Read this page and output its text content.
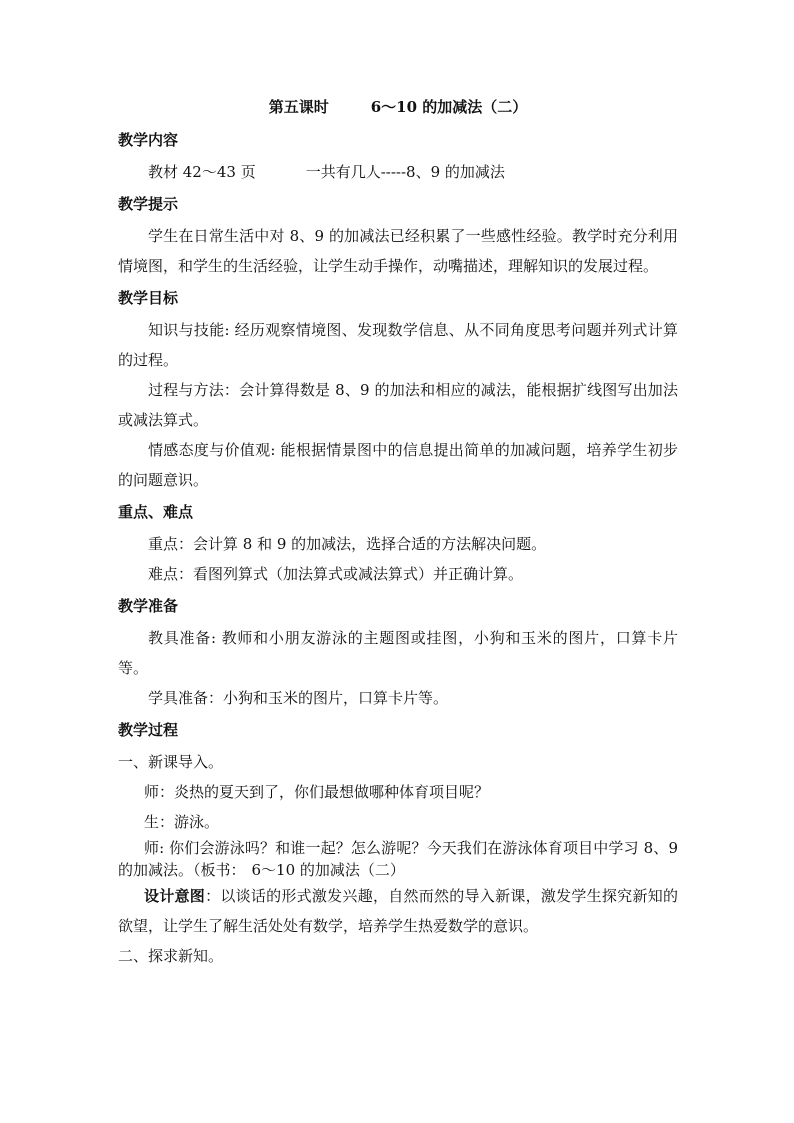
第五课时	6～10 的加减法（二）
教学内容

教材 42～43 页	一共有几人-----8、9 的加减法

教学提示

学生在日常生活中对 8、9 的加减法已经积累了一些感性经验。教学时充分利用情境图，和学生的生活经验，让学生动手操作，动嘴描述，理解知识的发展过程。

教学目标

知识与技能: 经历观察情境图、发现数学信息、从不同角度思考问题并列式计算的过程。

过程与方法：会计算得数是 8、9 的加法和相应的减法，能根据扩线图写出加法或减法算式。

情感态度与价值观: 能根据情景图中的信息提出简单的加减问题，培养学生初步的问题意识。

重点、难点

重点：会计算 8 和 9 的加减法，选择合适的方法解决问题。

难点：看图列算式（加法算式或减法算式）并正确计算。

教学准备

教具准备: 教师和小朋友游泳的主题图或挂图，小狗和玉米的图片，口算卡片等。

学具准备：小狗和玉米的图片，口算卡片等。

教学过程

一、新课导入。

师：炎热的夏天到了，你们最想做哪种体育项目呢？

生：游泳。

师: 你们会游泳吗？和谁一起？怎么游呢？今天我们在游泳体育项目中学习 8、9 的加减法。（板书： 6～10 的加减法（二）

设计意图：以谈话的形式激发兴趣，自然而然的导入新课，激发学生探究新知的欲望，让学生了解生活处处有数学，培养学生热爱数学的意识。

二、探求新知。
